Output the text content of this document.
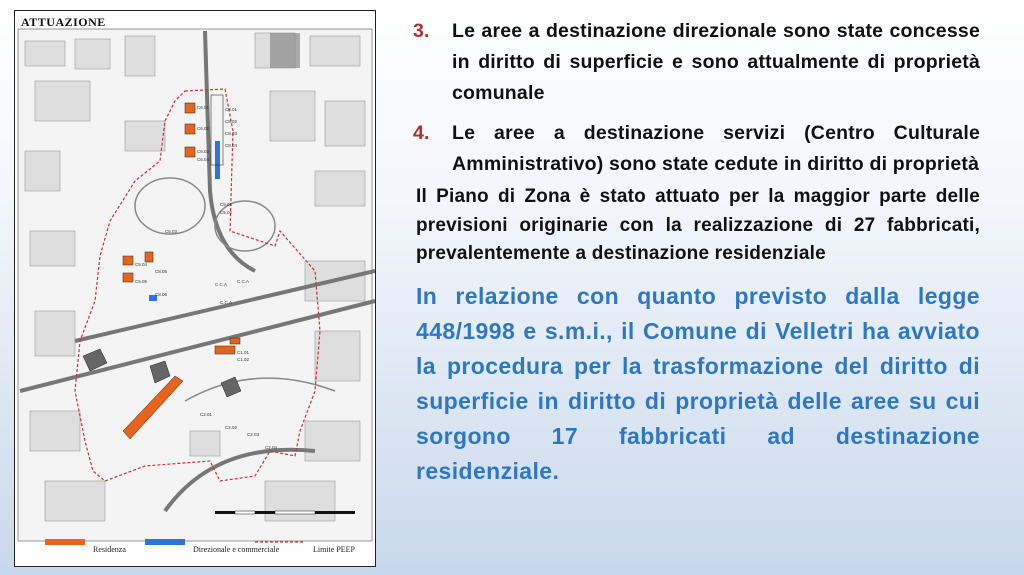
C6.01
C6.02
C6.03
C6.04
C8.01
C8.02
C8.03
C8.04
C5.01
C5.02
C5.03
C5.04
C5.05
C8.05
C8.06
C1.01
C1.02
C2.01
C2.02
C2.03
C2.04
C.C.A
C.C.A
C.C.A
ATTUAZIONE
Residenza	Direzionale e commerciale	Limite PEEP
3. Le aree a destinazione direzionale sono state concesse in diritto di superficie e sono attualmente di proprietà comunale
4. Le aree a destinazione servizi (Centro Culturale Amministrativo) sono state cedute in diritto di proprietà
Il Piano di Zona è stato attuato per la maggior parte delle previsioni originarie con la realizzazione di 27 fabbricati, prevalentemente a destinazione residenziale
In relazione con quanto previsto dalla legge 448/1998 e s.m.i., il Comune di Velletri ha avviato la procedura per la trasformazione del diritto di superficie in diritto di proprietà delle aree su cui sorgono 17 fabbricati ad destinazione residenziale.
